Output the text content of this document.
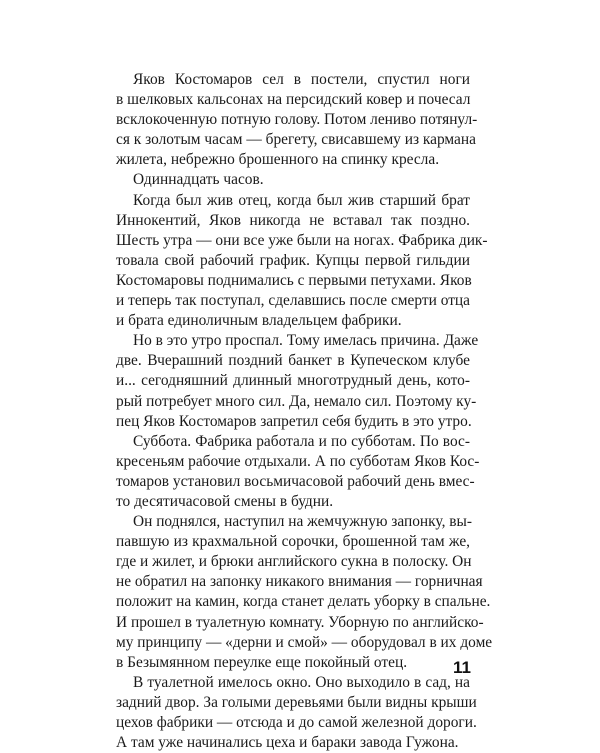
Яков Костомаров сел в постели, спустил ноги
в шелковых кальсонах на персидский ковер и почесал
всклокоченную потную голову. Потом лениво потянул-
ся к золотым часам — брегету, свисавшему из кармана
жилета, небрежно брошенного на спинку кресла.
Одиннадцать часов.
Когда был жив отец, когда был жив старший брат
Иннокентий, Яков никогда не вставал так поздно.
Шесть утра — они все уже были на ногах. Фабрика дик-
товала свой рабочий график. Купцы первой гильдии
Костомаровы поднимались с первыми петухами. Яков
и теперь так поступал, сделавшись после смерти отца
и брата единоличным владельцем фабрики.
Но в это утро проспал. Тому имелась причина. Даже
две. Вчерашний поздний банкет в Купеческом клубе
и... сегодняшний длинный многотрудный день, кото-
рый потребует много сил. Да, немало сил. Поэтому ку-
пец Яков Костомаров запретил себя будить в это утро.
Суббота. Фабрика работала и по субботам. По вос-
кресеньям рабочие отдыхали. А по субботам Яков Кос-
томаров установил восьмичасовой рабочий день вмес-
то десятичасовой смены в будни.
Он поднялся, наступил на жемчужную запонку, вы-
павшую из крахмальной сорочки, брошенной там же,
где и жилет, и брюки английского сукна в полоску. Он
не обратил на запонку никакого внимания — горничная
положит на камин, когда станет делать уборку в спальне.
И прошел в туалетную комнату. Уборную по английско-
му принципу — «дерни и смой» — оборудовал в их доме
в Безымянном переулке еще покойный отец.
В туалетной имелось окно. Оно выходило в сад, на
задний двор. За голыми деревьями были видны крыши
цехов фабрики — отсюда и до самой железной дороги.
А там уже начинались цеха и бараки завода Гужона.
11
